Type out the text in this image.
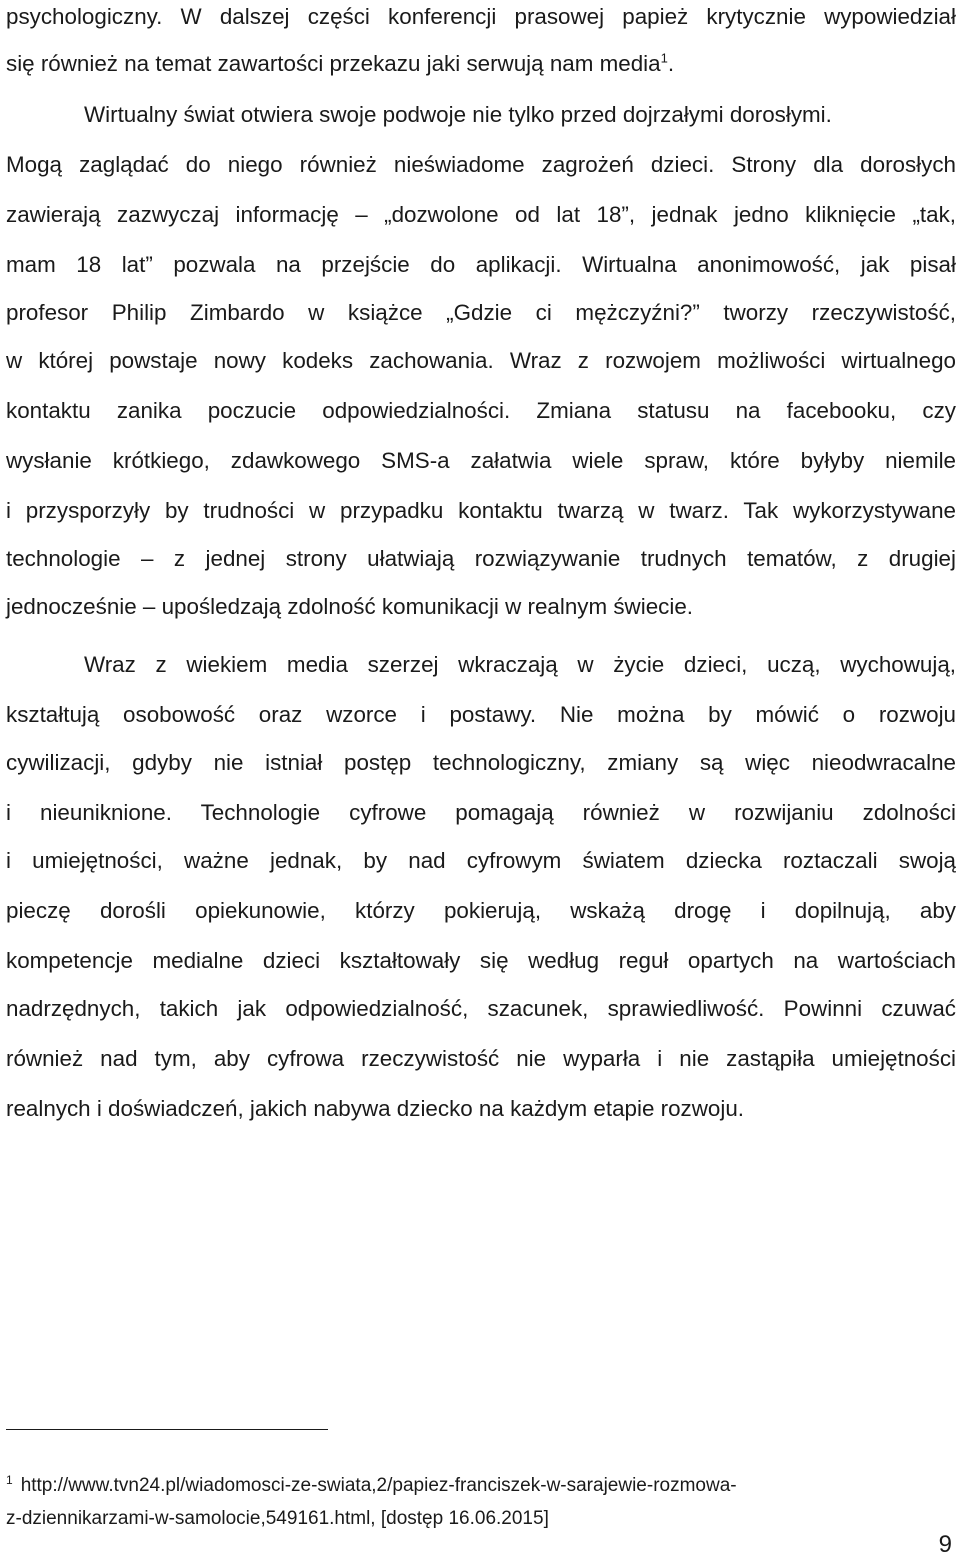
psychologiczny. W dalszej części konferencji prasowej papież krytycznie wypowiedział
się również na temat zawartości przekazu jaki serwują nam media$^1$.
Wirtualny świat otwiera swoje podwoje nie tylko przed dojrzałymi dorosłymi.
Mogą zaglądać do niego również nieświadome zagrożeń dzieci. Strony dla dorosłych
zawierają zazwyczaj informację – „dozwolone od lat 18”, jednak jedno kliknięcie „tak,
mam 18 lat” pozwala na przejście do aplikacji. Wirtualna anonimowość, jak pisał
profesor Philip Zimbardo w książce „Gdzie ci mężczyźni?” tworzy rzeczywistość,
w której powstaje nowy kodeks zachowania. Wraz z rozwojem możliwości wirtualnego
kontaktu zanika poczucie odpowiedzialności. Zmiana statusu na facebooku, czy
wysłanie krótkiego, zdawkowego SMS-a załatwia wiele spraw, które byłyby niemile
i przysporzyły by trudności w przypadku kontaktu twarzą w twarz. Tak wykorzystywane
technologie – z jednej strony ułatwiają rozwiązywanie trudnych tematów, z drugiej
jednocześnie – upośledzają zdolność komunikacji w realnym świecie.
Wraz z wiekiem media szerzej wkraczają w życie dzieci, uczą, wychowują,
kształtują osobowość oraz wzorce i postawy. Nie można by mówić o rozwoju
cywilizacji, gdyby nie istniał postęp technologiczny, zmiany są więc nieodwracalne
i nieuniknione. Technologie cyfrowe pomagają również w rozwijaniu zdolności
i umiejętności, ważne jednak, by nad cyfrowym światem dziecka roztaczali swoją
pieczę dorośli opiekunowie, którzy pokierują, wskażą drogę i dopilnują, aby
kompetencje medialne dzieci kształtowały się według reguł opartych na wartościach
nadrzędnych, takich jak odpowiedzialność, szacunek, sprawiedliwość. Powinni czuwać
również nad tym, aby cyfrowa rzeczywistość nie wyparła i nie zastąpiła umiejętności
realnych i doświadczeń, jakich nabywa dziecko na każdym etapie rozwoju.
$^1$ http://www.tvn24.pl/wiadomosci-ze-swiata,2/papiez-franciszek-w-sarajewie-rozmowa-
z-dziennikarzami-w-samolocie,549161.html, [dostęp 16.06.2015]
9
